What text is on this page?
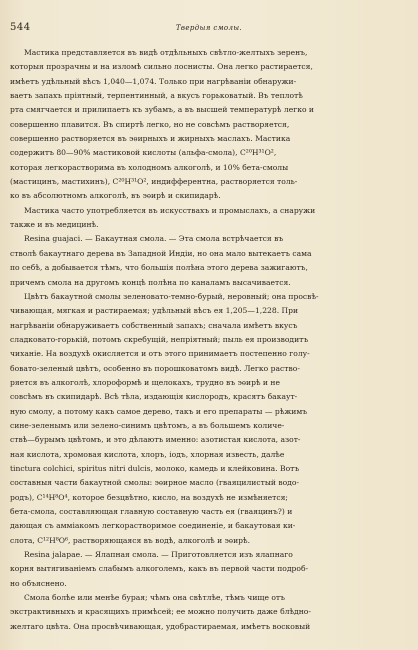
544	Твердыя смолы.
Мастика представляется въ видѣ отдѣльныхъ свѣтло-желтыхъ зеренъ,
которыя прозрачны и на изломѣ сильно лоснисты. Она легко растирается,
имѣетъ удѣльный вѣсъ 1,040—1,074. Только при нагрѣваніи обнаружи-
ваетъ запахъ прiятный, терпентинный, а вкусъ горьковатый. Въ теплотѣ
рта смягчается и прилипаетъ къ зубамъ, а въ высшей температурѣ легко и
совершенно плавится. Въ спиртѣ легко, но не совсѣмъ растворяется,
совершенно растворяется въ эѳирныхъ и жирныхъ маслахъ. Мастика
содержитъ 80—90% мастиковой кислоты (альфа-смола), C²⁰H³¹O²,
которая легкорастворима въ холодномъ алкоголѣ, и 10% бета-смолы
(мастицинъ, мастихинъ), C²⁰H³¹O², индифферентна, растворяется толь-
ко въ абсолютномъ алкоголѣ, въ эѳирѣ и скипидарѣ.
Мастика часто употребляется въ искусствахъ и промыслахъ, а снаружи
также и въ медицинѣ.
Resina guajaci. — Бакаутная смола. — Эта смола встрѣчается въ
стволѣ бакаутнаго дерева въ Западной Индiи, но она мало вытекаетъ сама
по себѣ, а добывается тѣмъ, что большiя полѣна этого дерева зажигаютъ,
причемъ смола на другомъ концѣ полѣна по каналамъ высачивается.
Цвѣтъ бакаутной смолы зеленовато-темно-бурый, неровный; она просвѣ-
чивающая, мягкая и растираемая; удѣльный вѣсъ ея 1,205—1,228. При
нагрѣваніи обнаруживаетъ собственный запахъ; сначала имѣетъ вкусъ
сладковато-горькiй, потомъ скребущiй, непрiятный; пыль ея производитъ
чиханiе. На воздухѣ окисляется и отъ этого принимаетъ постепенно голу-
бовато-зеленый цвѣтъ, особенно въ порошковатомъ видѣ. Легко раство-
ряется въ алкоголѣ, хлороформѣ и щелокахъ, трудно въ эѳирѣ и не
совсѣмъ въ скипидарѣ. Всѣ тѣла, издающiя кислородъ, красятъ бакаут-
ную смолу, а потому какъ самое дерево, такъ и его препараты — рѣжимъ
сине-зеленымъ или зелено-синимъ цвѣтомъ, а въ большемъ количе-
ствѣ—бурымъ цвѣтомъ, и это дѣлаютъ именно: азотистая кислота, азот-
ная кислота, хромовая кислота, хлоръ, iодъ, хлорная известь, далѣе
tinctura colchici, spiritus nitri dulcis, молоко, камедь и клейковина. Вотъ
составныя части бакаутной смолы: эѳирное масло (гваяцилистый водо-
родъ), C¹⁴H⁸O⁴, которое безцвѣтно, кисло, на воздухѣ не измѣняется;
бета-смола, составляющая главную составную часть ея (гваяцинъ?) и
дающая съ аммiакомъ легкорастворимое соединенiе, и бакаутовая ки-
слота, C¹²H⁸O⁶, растворяющаяся въ водѣ, алкоголѣ и эѳирѣ.
Resina jalapae. — Ялапная смола. — Приготовляется изъ ялапнаго
корня вытягиванiемъ слабымъ алкоголемъ, какъ въ первой части подроб-
но объяснено.
Смола болѣе или менѣе бурая; чѣмъ она свѣтлѣе, тѣмъ чище отъ
экстрактивныхъ и красящихъ примѣсей; ее можно получить даже блѣдно-
желтаго цвѣта. Она просвѣчивающая, удобрастираемая, имѣетъ восковый
